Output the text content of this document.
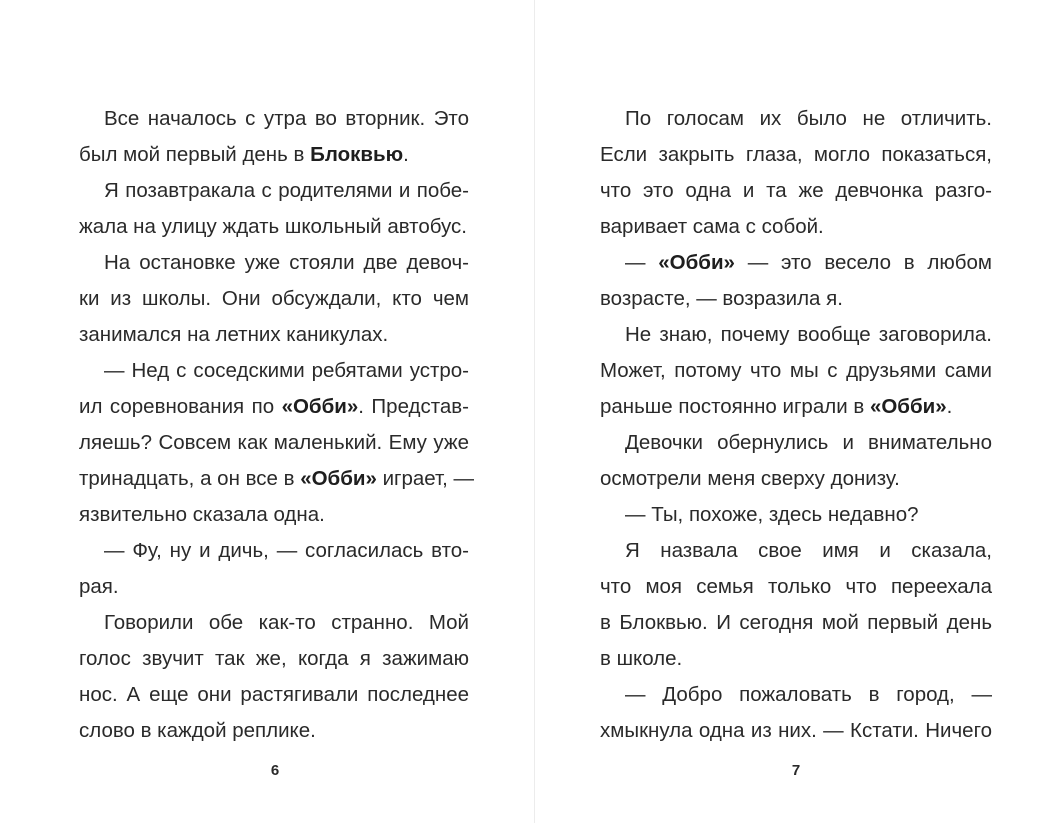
Все началось с утра во вторник. Это
был мой первый день в Блоквью.
Я позавтракала с родителями и побе-
жала на улицу ждать школьный автобус.
На остановке уже стояли две девоч-
ки из школы. Они обсуждали, кто чем
занимался на летних каникулах.
— Нед с соседскими ребятами устро-
ил соревнования по «Обби». Представ-
ляешь? Совсем как маленький. Ему уже
тринадцать, а он все в «Обби» играет, —
язвительно сказала одна.
— Фу, ну и дичь, — согласилась вто-
рая.
Говорили обе как-то странно. Мой
голос звучит так же, когда я зажимаю
нос. А еще они растягивали последнее
слово в каждой реплике.
6
По голосам их было не отличить.
Если закрыть глаза, могло показаться,
что это одна и та же девчонка разго-
варивает сама с собой.
— «Обби» — это весело в любом
возрасте, — возразила я.
Не знаю, почему вообще заговорила.
Может, потому что мы с друзьями сами
раньше постоянно играли в «Обби».
Девочки обернулись и внимательно
осмотрели меня сверху донизу.
— Ты, похоже, здесь недавно?
Я назвала свое имя и сказала,
что моя семья только что переехала
в Блоквью. И сегодня мой первый день
в школе.
— Добро пожаловать в город, —
хмыкнула одна из них. — Кстати. Ничего
7
